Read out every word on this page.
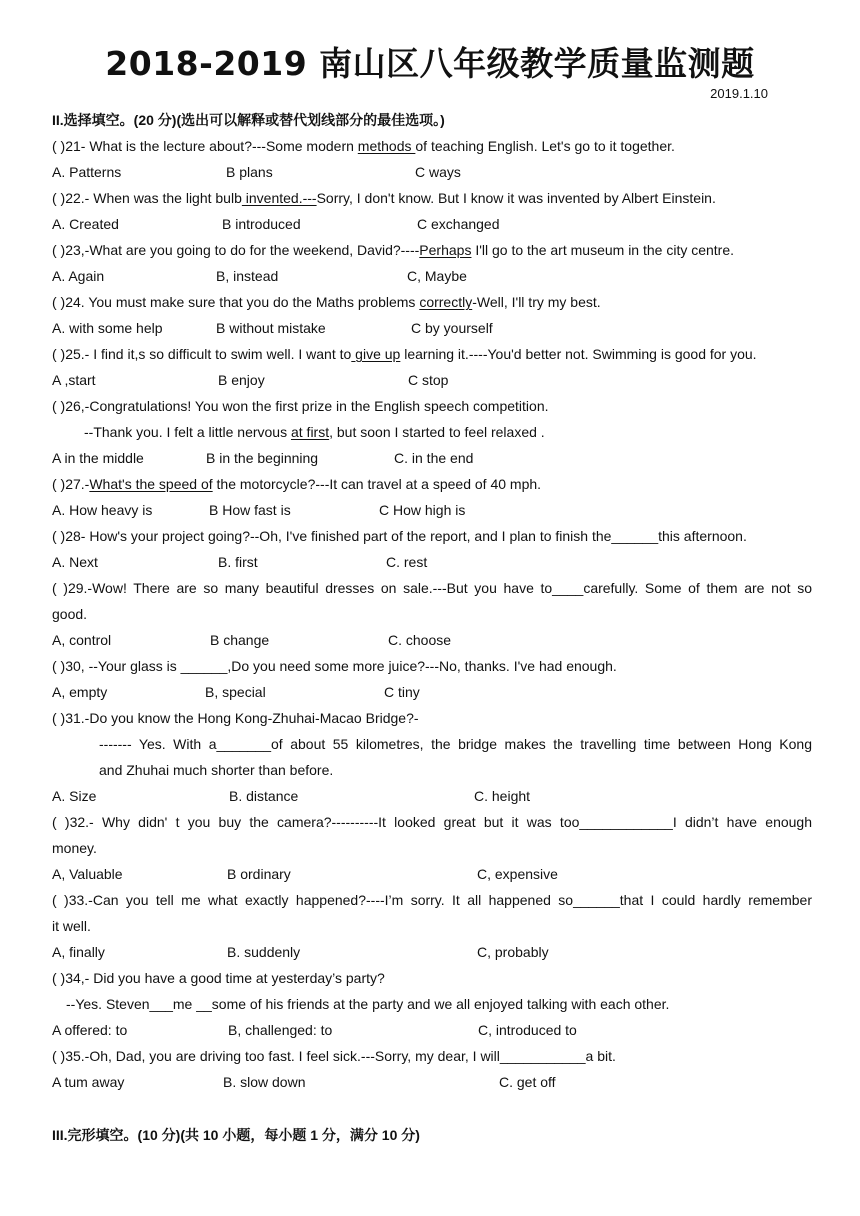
2018-2019 南山区八年级教学质量监测题
2019.1.10
II.选择填空。(20 分)(选出可以解释或替代划线部分的最佳选项。)
( )21- What is the lecture about?---Some modern methods of teaching English. Let's go to it together.
A. Patterns	B plans	C ways
( )22.- When was the light bulb invented.---Sorry, I don't know. But I know it was invented by Albert Einstein.
A. Created	B introduced	C exchanged
( )23,-What are you going to do for the weekend, David?----Perhaps I'll go to the art museum in the city centre.
A. Again	B, instead	C, Maybe
( )24. You must make sure that you do the Maths problems correctly-Well, I'll try my best.
A. with some help	B without mistake	C by yourself
( )25.- I find it,s so difficult to swim well. I want to give up learning it.----You'd better not. Swimming is good for you.
A ,start	B enjoy	C stop
( )26,-Congratulations! You won the first prize in the English speech competition.
--Thank you. I felt a little nervous at first, but soon I started to feel relaxed .
A in the middle	B in the beginning	C. in the end
( )27.-What's the speed of the motorcycle?---It can travel at a speed of 40 mph.
A. How heavy is	B How fast is	C How high is
( )28- How's your project going?--Oh, I've finished part of the report, and I plan to finish the______this afternoon.
A. Next	B. first	C. rest
( )29.-Wow! There are so many beautiful dresses on sale.---But you have to____carefully. Some of them are not so
good.
A, control	B change	C. choose
( )30, --Your glass is ______,Do you need some more juice?---No, thanks. I've had enough.
A, empty	B, special	C tiny
( )31.-Do you know the Hong Kong-Zhuhai-Macao Bridge?-
------- Yes. With a_______of about 55 kilometres, the bridge makes the travelling time between Hong Kong
and Zhuhai much shorter than before.
A. Size	B. distance	C. height
( )32.- Why didn' t you buy the camera?----------It looked great but it was too____________I didn’t have enough
money.
A, Valuable	B ordinary	C, expensive
( )33.-Can you tell me what exactly happened?----I’m sorry. It all happened so______that I could hardly remember
it well.
A, finally	B. suddenly	C, probably
( )34,- Did you have a good time at yesterday’s party?
--Yes. Steven___me __some of his friends at the party and we all enjoyed talking with each other.
A offered: to	B, challenged: to	C, introduced to
( )35.-Oh, Dad, you are driving too fast. I feel sick.---Sorry, my dear, I will___________a bit.
A tum away	B. slow down	C. get off
III.完形填空。(10 分)(共 10 小题，每小题 1 分，满分 10 分)
